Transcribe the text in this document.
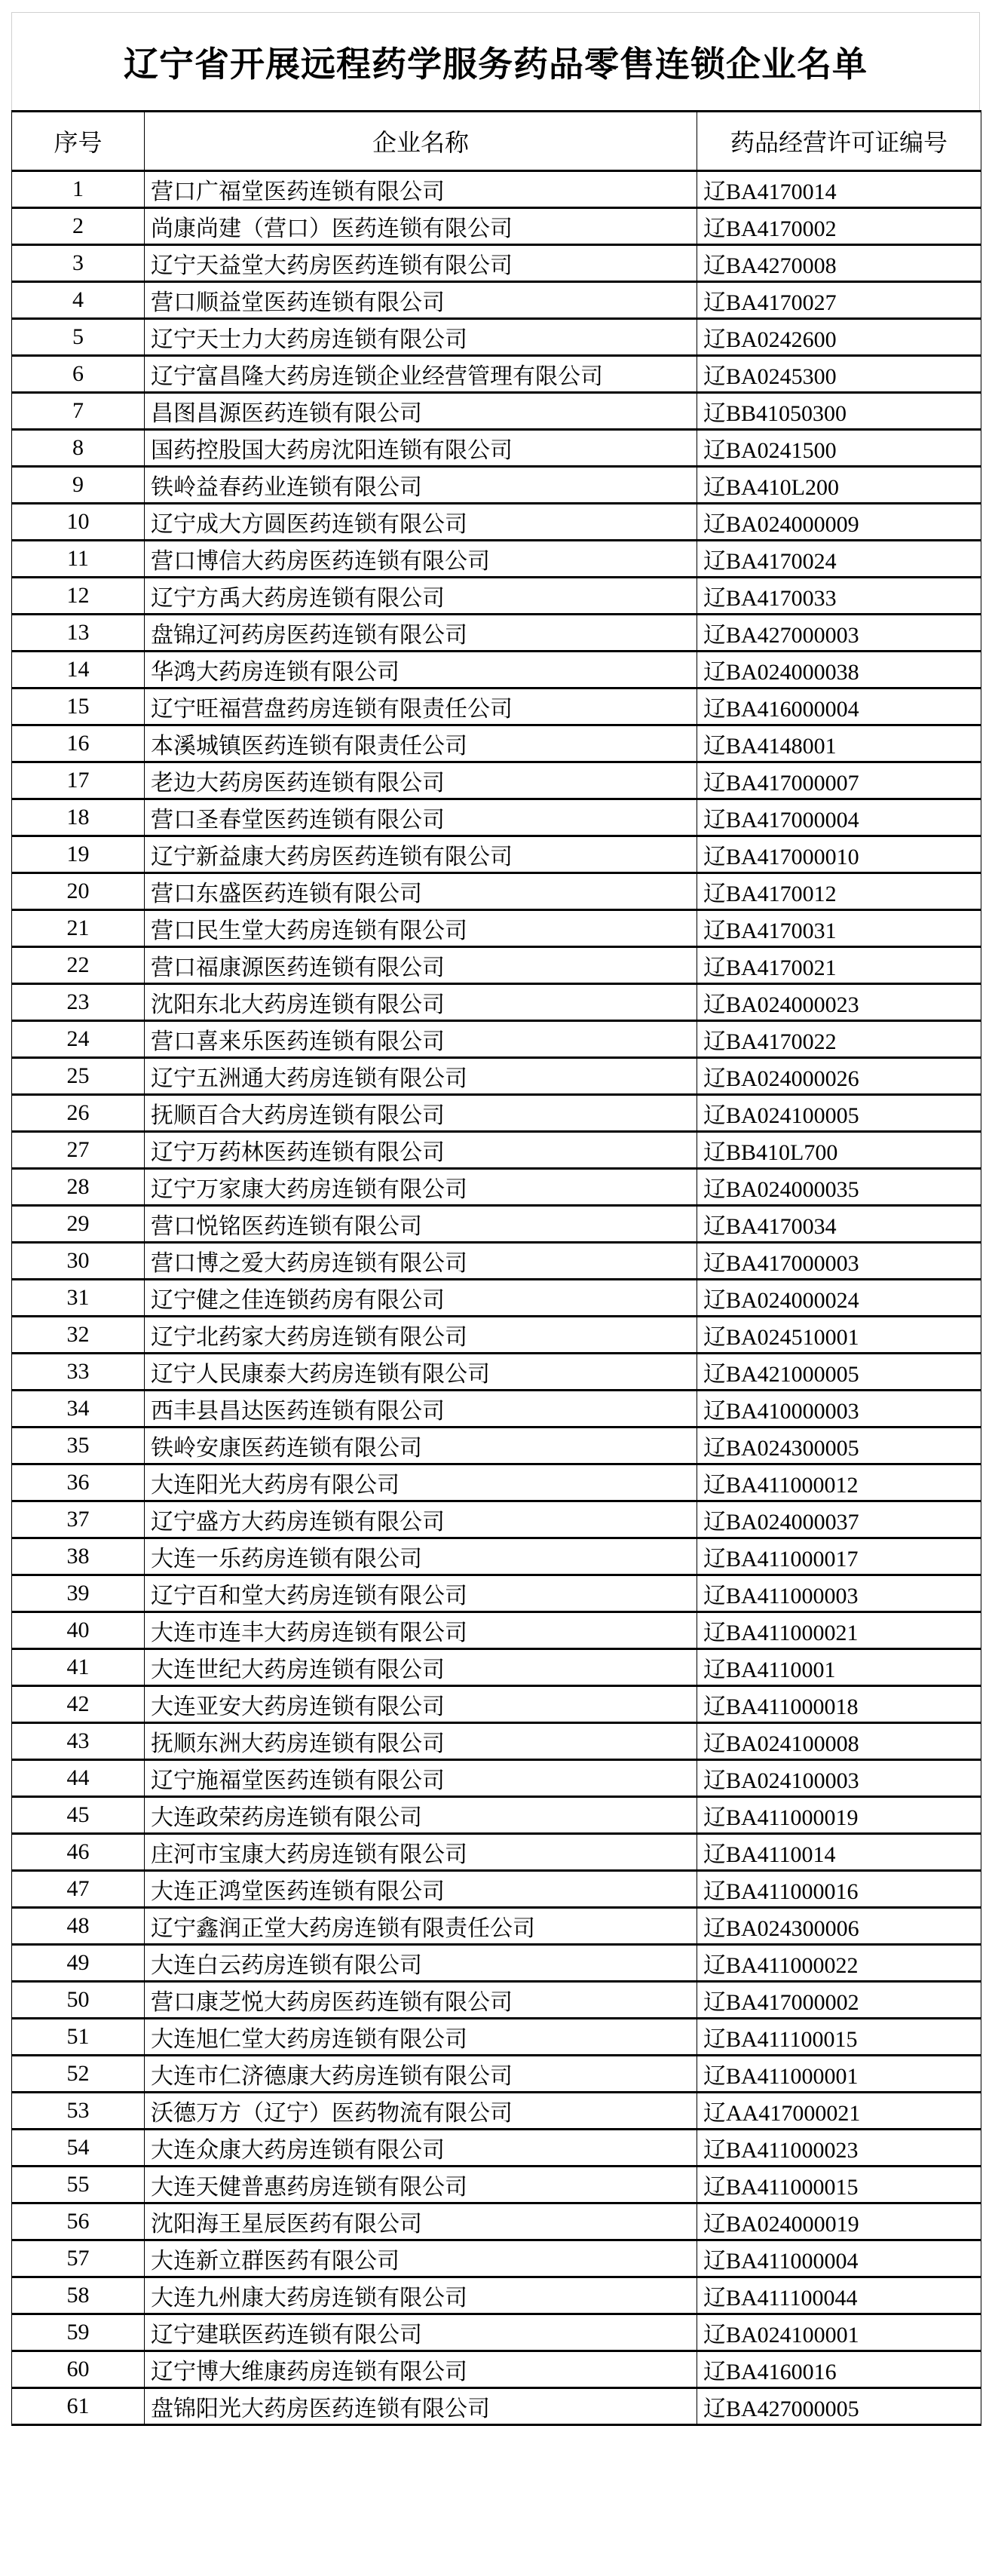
辽宁省开展远程药学服务药品零售连锁企业名单
序号	企业名称	药品经营许可证编号
1	营口广福堂医药连锁有限公司	辽BA4170014
2	尚康尚建（营口）医药连锁有限公司	辽BA4170002
3	辽宁天益堂大药房医药连锁有限公司	辽BA4270008
4	营口顺益堂医药连锁有限公司	辽BA4170027
5	辽宁天士力大药房连锁有限公司	辽BA0242600
6	辽宁富昌隆大药房连锁企业经营管理有限公司	辽BA0245300
7	昌图昌源医药连锁有限公司	辽BB41050300
8	国药控股国大药房沈阳连锁有限公司	辽BA0241500
9	铁岭益春药业连锁有限公司	辽BA410L200
10	辽宁成大方圆医药连锁有限公司	辽BA024000009
11	营口博信大药房医药连锁有限公司	辽BA4170024
12	辽宁方禹大药房连锁有限公司	辽BA4170033
13	盘锦辽河药房医药连锁有限公司	辽BA427000003
14	华鸿大药房连锁有限公司	辽BA024000038
15	辽宁旺福营盘药房连锁有限责任公司	辽BA416000004
16	本溪城镇医药连锁有限责任公司	辽BA4148001
17	老边大药房医药连锁有限公司	辽BA417000007
18	营口圣春堂医药连锁有限公司	辽BA417000004
19	辽宁新益康大药房医药连锁有限公司	辽BA417000010
20	营口东盛医药连锁有限公司	辽BA4170012
21	营口民生堂大药房连锁有限公司	辽BA4170031
22	营口福康源医药连锁有限公司	辽BA4170021
23	沈阳东北大药房连锁有限公司	辽BA024000023
24	营口喜来乐医药连锁有限公司	辽BA4170022
25	辽宁五洲通大药房连锁有限公司	辽BA024000026
26	抚顺百合大药房连锁有限公司	辽BA024100005
27	辽宁万药林医药连锁有限公司	辽BB410L700
28	辽宁万家康大药房连锁有限公司	辽BA024000035
29	营口悦铭医药连锁有限公司	辽BA4170034
30	营口博之爱大药房连锁有限公司	辽BA417000003
31	辽宁健之佳连锁药房有限公司	辽BA024000024
32	辽宁北药家大药房连锁有限公司	辽BA024510001
33	辽宁人民康泰大药房连锁有限公司	辽BA421000005
34	西丰县昌达医药连锁有限公司	辽BA410000003
35	铁岭安康医药连锁有限公司	辽BA024300005
36	大连阳光大药房有限公司	辽BA411000012
37	辽宁盛方大药房连锁有限公司	辽BA024000037
38	大连一乐药房连锁有限公司	辽BA411000017
39	辽宁百和堂大药房连锁有限公司	辽BA411000003
40	大连市连丰大药房连锁有限公司	辽BA411000021
41	大连世纪大药房连锁有限公司	辽BA4110001
42	大连亚安大药房连锁有限公司	辽BA411000018
43	抚顺东洲大药房连锁有限公司	辽BA024100008
44	辽宁施福堂医药连锁有限公司	辽BA024100003
45	大连政荣药房连锁有限公司	辽BA411000019
46	庄河市宝康大药房连锁有限公司	辽BA4110014
47	大连正鸿堂医药连锁有限公司	辽BA411000016
48	辽宁鑫润正堂大药房连锁有限责任公司	辽BA024300006
49	大连白云药房连锁有限公司	辽BA411000022
50	营口康芝悦大药房医药连锁有限公司	辽BA417000002
51	大连旭仁堂大药房连锁有限公司	辽BA411100015
52	大连市仁济德康大药房连锁有限公司	辽BA411000001
53	沃德万方（辽宁）医药物流有限公司	辽AA417000021
54	大连众康大药房连锁有限公司	辽BA411000023
55	大连天健普惠药房连锁有限公司	辽BA411000015
56	沈阳海王星辰医药有限公司	辽BA024000019
57	大连新立群医药有限公司	辽BA411000004
58	大连九州康大药房连锁有限公司	辽BA411100044
59	辽宁建联医药连锁有限公司	辽BA024100001
60	辽宁博大维康药房连锁有限公司	辽BA4160016
61	盘锦阳光大药房医药连锁有限公司	辽BA427000005
